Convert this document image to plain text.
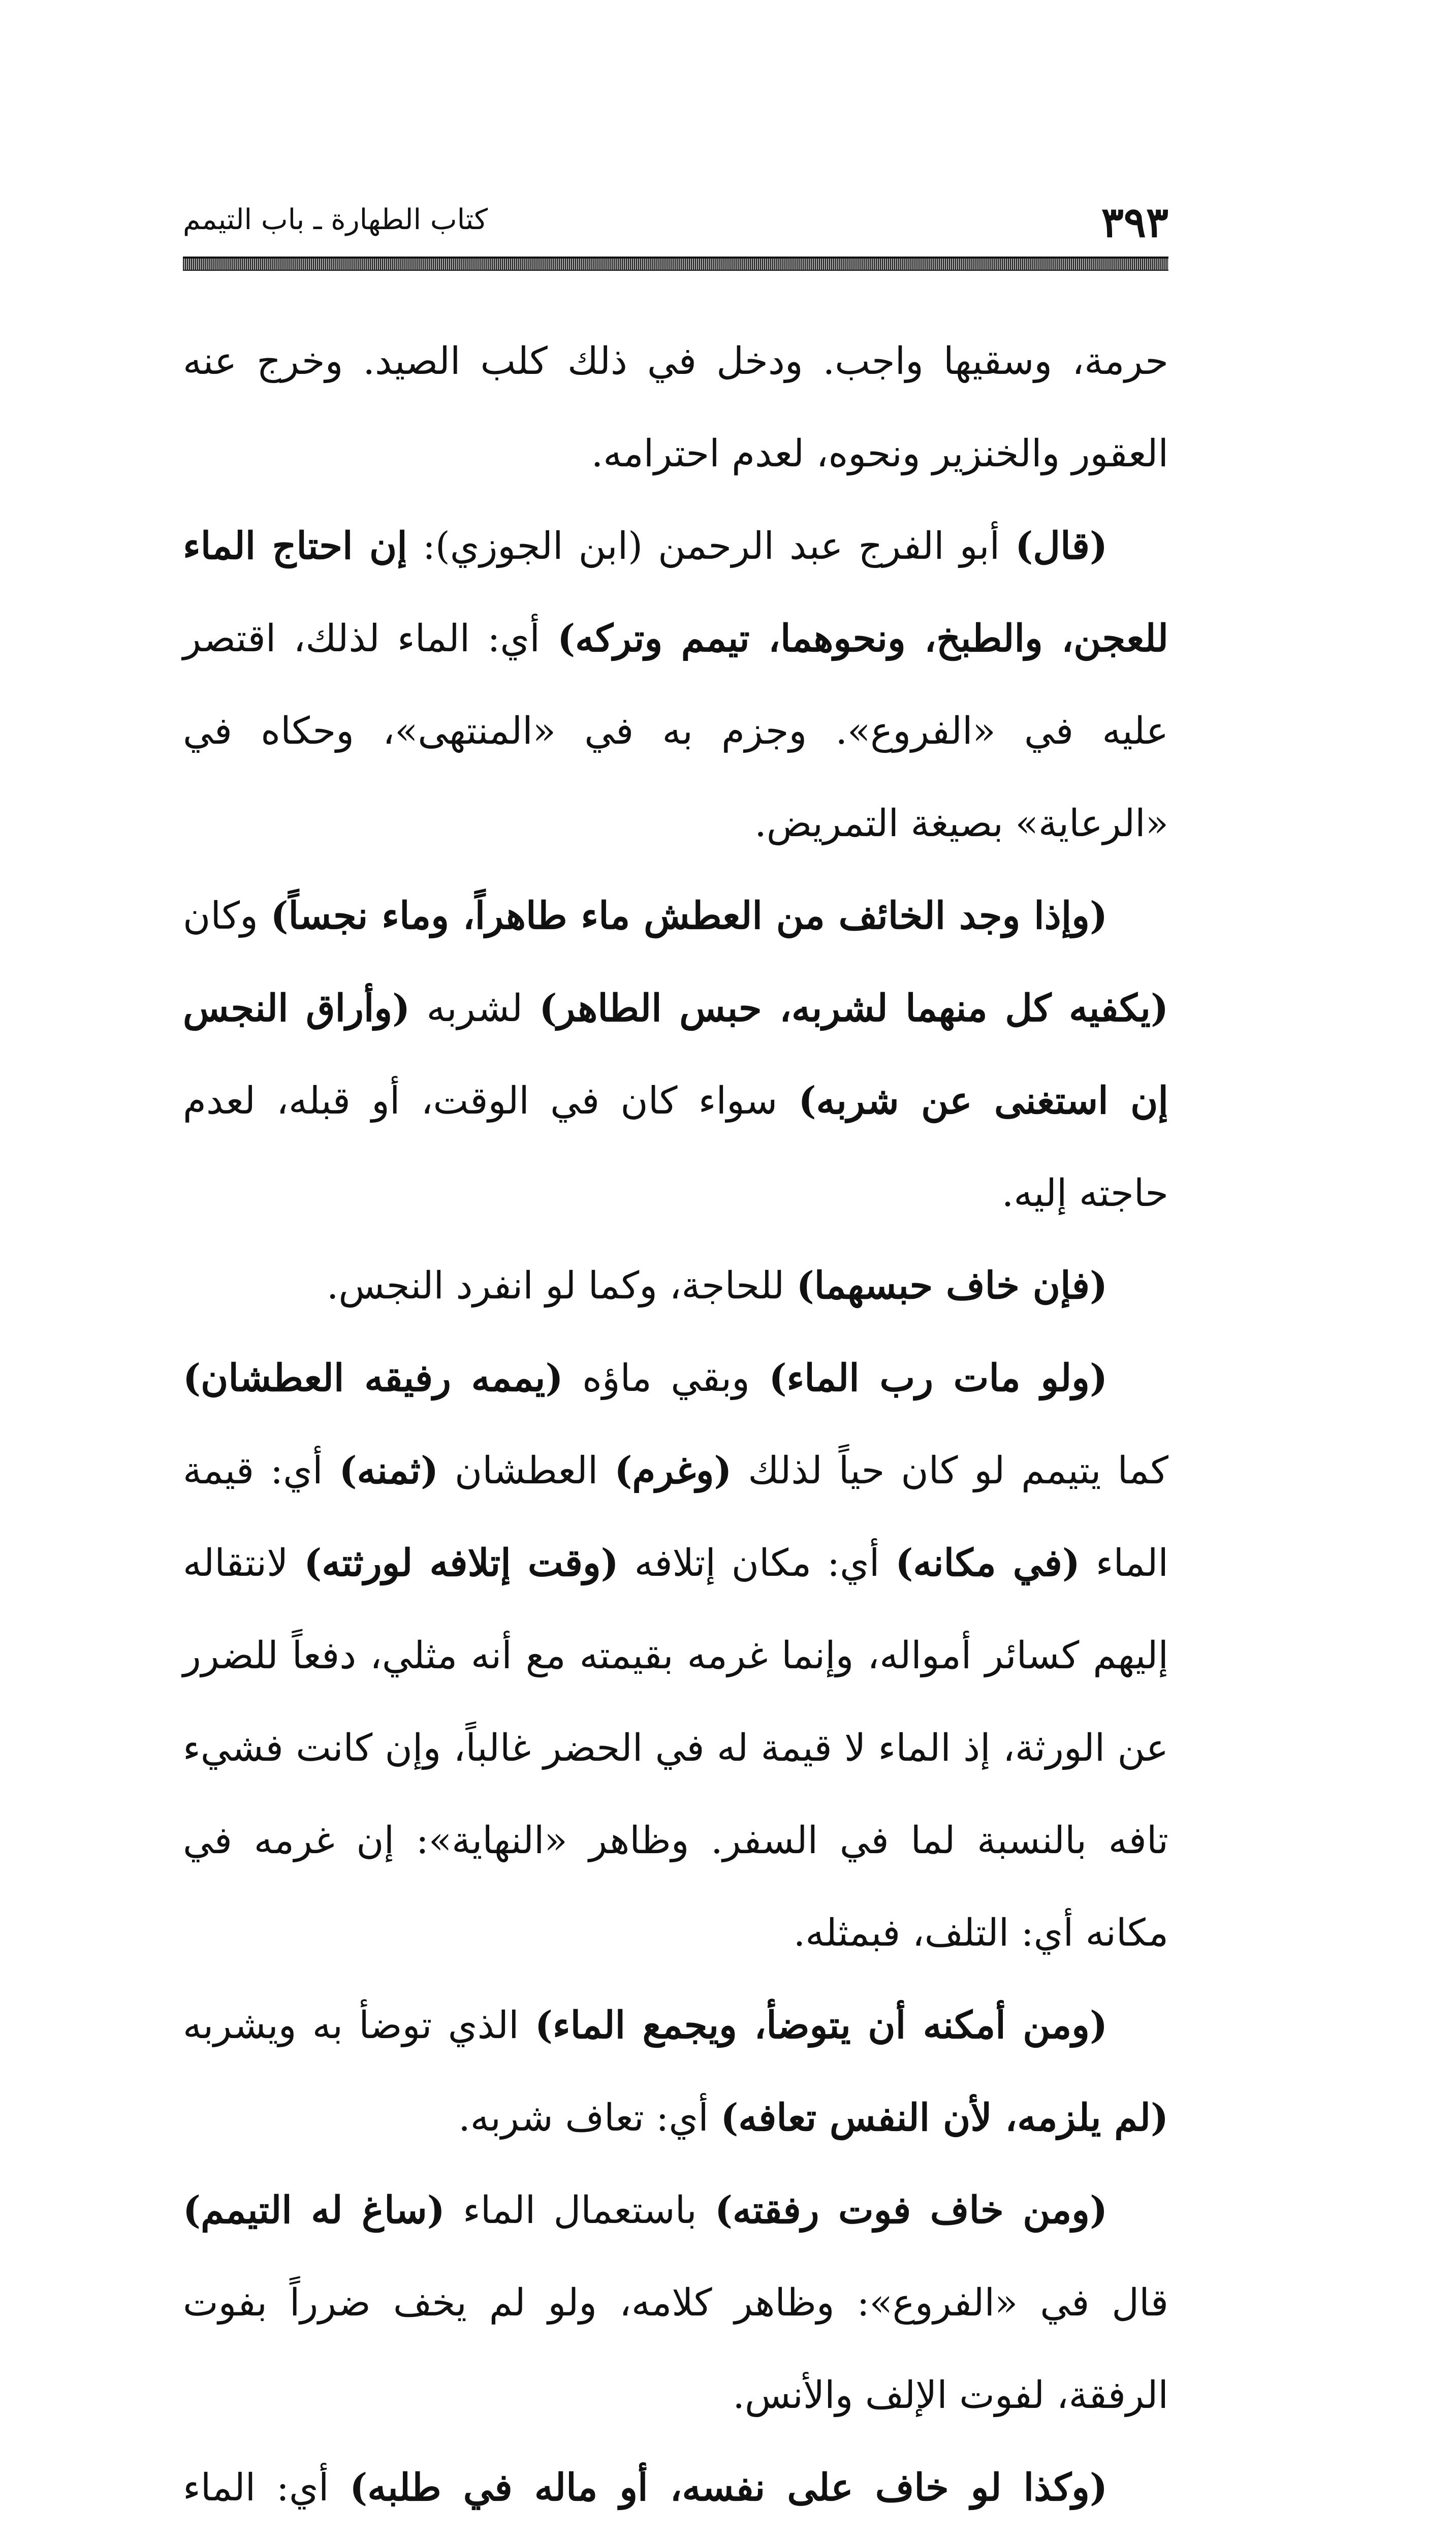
كتاب الطهارة ـ باب التيمم	٣٩٣

حرمة، وسقيها واجب. ودخل في ذلك كلب الصيد. وخرج عنه العقور والخنزير ونحوه، لعدم احترامه.

(قال) أبو الفرج عبد الرحمن (ابن الجوزي): إن احتاج الماء للعجن، والطبخ، ونحوهما، تيمم وتركه) أي: الماء لذلك، اقتصر عليه في «الفروع». وجزم به في «المنتهى»، وحكاه في «الرعاية» بصيغة التمريض.

(وإذا وجد الخائف من العطش ماء طاهراً، وماء نجساً) وكان (يكفيه كل منهما لشربه، حبس الطاهر) لشربه (وأراق النجس إن استغنى عن شربه) سواء كان في الوقت، أو قبله، لعدم حاجته إليه.

(فإن خاف حبسهما) للحاجة، وكما لو انفرد النجس.

(ولو مات رب الماء) وبقي ماؤه (يممه رفيقه العطشان) كما يتيمم لو كان حياً لذلك (وغرم) العطشان (ثمنه) أي: قيمة الماء (في مكانه) أي: مكان إتلافه (وقت إتلافه لورثته) لانتقاله إليهم كسائر أمواله، وإنما غرمه بقيمته مع أنه مثلي، دفعاً للضرر عن الورثة، إذ الماء لا قيمة له في الحضر غالباً، وإن كانت فشيء تافه بالنسبة لما في السفر. وظاهر «النهاية»: إن غرمه في مكانه أي: التلف، فبمثله.

(ومن أمكنه أن يتوضأ، ويجمع الماء) الذي توضأ به ويشربه (لم يلزمه، لأن النفس تعافه) أي: تعاف شربه.

(ومن خاف فوت رفقته) باستعمال الماء (ساغ له التيمم) قال في «الفروع»: وظاهر كلامه، ولو لم يخف ضرراً بفوت الرفقة، لفوت الإلف والأنس.

(وكذا لو خاف على نفسه، أو ماله في طلبه) أي: الماء
